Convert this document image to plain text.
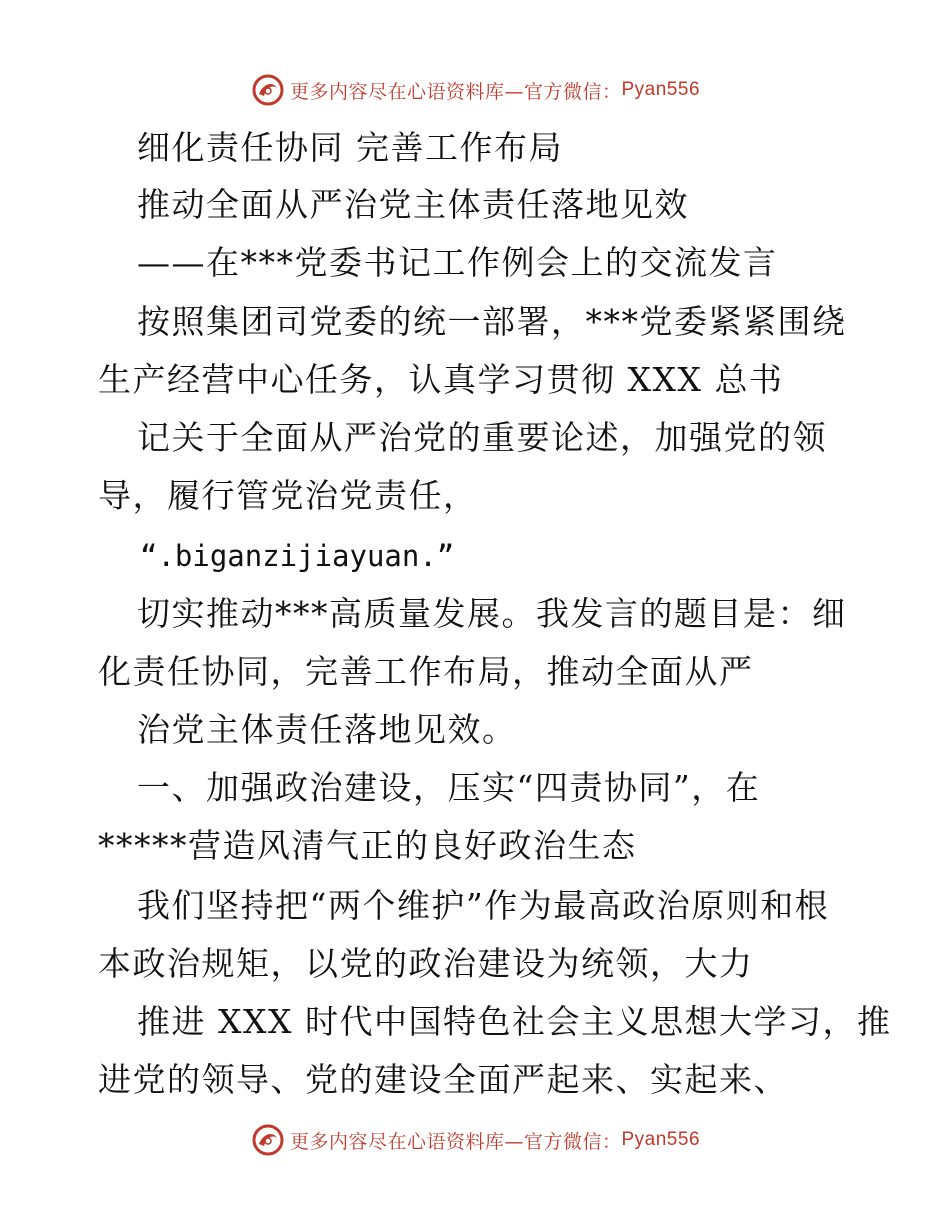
更多内容尽在心语资料库—官方微信： Pyan556
细化责任协同 完善工作布局
推动全面从严治党主体责任落地见效
——在***党委书记工作例会上的交流发言
按照集团司党委的统一部署，***党委紧紧围绕
生产经营中心任务，认真学习贯彻 XXX 总书
记关于全面从严治党的重要论述，加强党的领
导，履行管党治党责任，
“.biganzijiayuan.”
切实推动***高质量发展。我发言的题目是：细
化责任协同，完善工作布局，推动全面从严
治党主体责任落地见效。
一、加强政治建设，压实“四责协同”，在
*****营造风清气正的良好政治生态
我们坚持把“两个维护”作为最高政治原则和根
本政治规矩，以党的政治建设为统领，大力
推进 XXX 时代中国特色社会主义思想大学习，推
进党的领导、党的建设全面严起来、实起来、
更多内容尽在心语资料库—官方微信： Pyan556
